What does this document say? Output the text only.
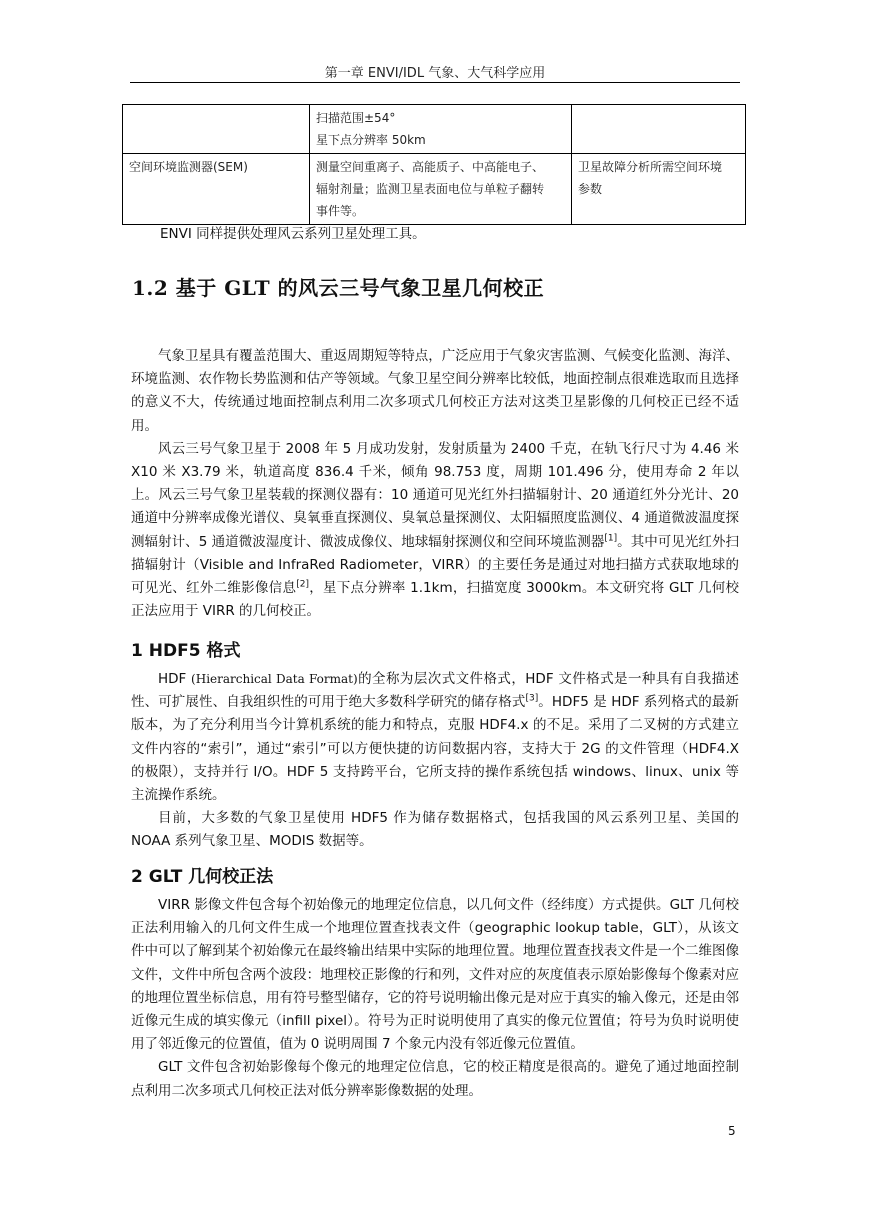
第一章 ENVI/IDL 气象、大气科学应用

	扫描范围±54°
星下点分辨率 50km	

空间环境监测器(SEM)	测量空间重离子、高能质子、中高能电子、
辐射剂量；监测卫星表面电位与单粒子翻转
事件等。	卫星故障分析所需空间环境
参数
ENVI 同样提供处理风云系列卫星处理工具。
1.2 基于 GLT 的风云三号气象卫星几何校正

气象卫星具有覆盖范围大、重返周期短等特点，广泛应用于气象灾害监测、气候变化监测、海洋、环境监测、农作物长势监测和估产等领域。气象卫星空间分辨率比较低，地面控制点很难选取而且选择的意义不大，传统通过地面控制点利用二次多项式几何校正方法对这类卫星影像的几何校正已经不适用。

风云三号气象卫星于 2008 年 5 月成功发射，发射质量为 2400 千克，在轨飞行尺寸为 4.46 米 X10 米 X3.79 米，轨道高度 836.4 千米，倾角 98.753 度，周期 101.496 分，使用寿命 2 年以上。风云三号气象卫星装载的探测仪器有：10 通道可见光红外扫描辐射计、20 通道红外分光计、20 通道中分辨率成像光谱仪、臭氧垂直探测仪、臭氧总量探测仪、太阳辐照度监测仪、4 通道微波温度探测辐射计、5 通道微波湿度计、微波成像仪、地球辐射探测仪和空间环境监测器[1]。其中可见光红外扫描辐射计（Visible and InfraRed Radiometer，VIRR）的主要任务是通过对地扫描方式获取地球的可见光、红外二维影像信息[2]，星下点分辨率 1.1km，扫描宽度 3000km。本文研究将 GLT 几何校正法应用于 VIRR 的几何校正。

1 HDF5 格式

HDF (Hierarchical Data Format)的全称为层次式文件格式，HDF 文件格式是一种具有自我描述性、可扩展性、自我组织性的可用于绝大多数科学研究的储存格式[3]。HDF5 是 HDF 系列格式的最新版本，为了充分利用当今计算机系统的能力和特点，克服 HDF4.x 的不足。采用了二叉树的方式建立文件内容的“索引”，通过“索引”可以方便快捷的访问数据内容，支持大于 2G 的文件管理（HDF4.X 的极限），支持并行 I/O。HDF 5 支持跨平台，它所支持的操作系统包括 windows、linux、unix 等主流操作系统。

目前，大多数的气象卫星使用 HDF5 作为储存数据格式，包括我国的风云系列卫星、美国的 NOAA 系列气象卫星、MODIS 数据等。

2 GLT 几何校正法

VIRR 影像文件包含每个初始像元的地理定位信息，以几何文件（经纬度）方式提供。GLT 几何校正法利用输入的几何文件生成一个地理位置查找表文件（geographic lookup table，GLT），从该文件中可以了解到某个初始像元在最终输出结果中实际的地理位置。地理位置查找表文件是一个二维图像文件，文件中所包含两个波段：地理校正影像的行和列，文件对应的灰度值表示原始影像每个像素对应的地理位置坐标信息，用有符号整型储存，它的符号说明输出像元是对应于真实的输入像元，还是由邻近像元生成的填实像元（infill pixel）。符号为正时说明使用了真实的像元位置值；符号为负时说明使用了邻近像元的位置值，值为 0 说明周围 7 个象元内没有邻近像元位置值。

GLT 文件包含初始影像每个像元的地理定位信息，它的校正精度是很高的。避免了通过地面控制点利用二次多项式几何校正法对低分辨率影像数据的处理。

5
